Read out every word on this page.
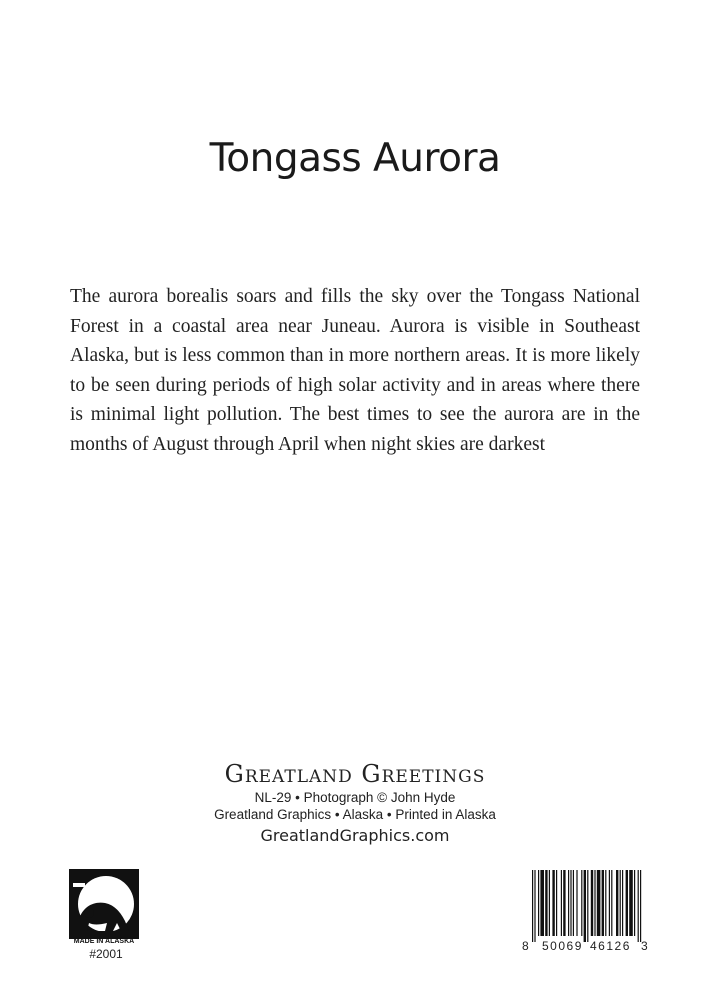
Tongass Aurora
The aurora borealis soars and fills the sky over the Tongass National Forest in a coastal area near Juneau. Aurora is visible in Southeast Alaska, but is less common than in more northern areas. It is more likely to be seen during periods of high solar activity and in areas where there is minimal light pollution. The best times to see the aurora are in the months of August through April when night skies are darkest
Greatland Greetings
NL-29 • Photograph © John Hyde
Greatland Graphics • Alaska • Printed in Alaska
GreatlandGraphics.com
MADE IN ALASKA
#2001
8 50069 46126 3
